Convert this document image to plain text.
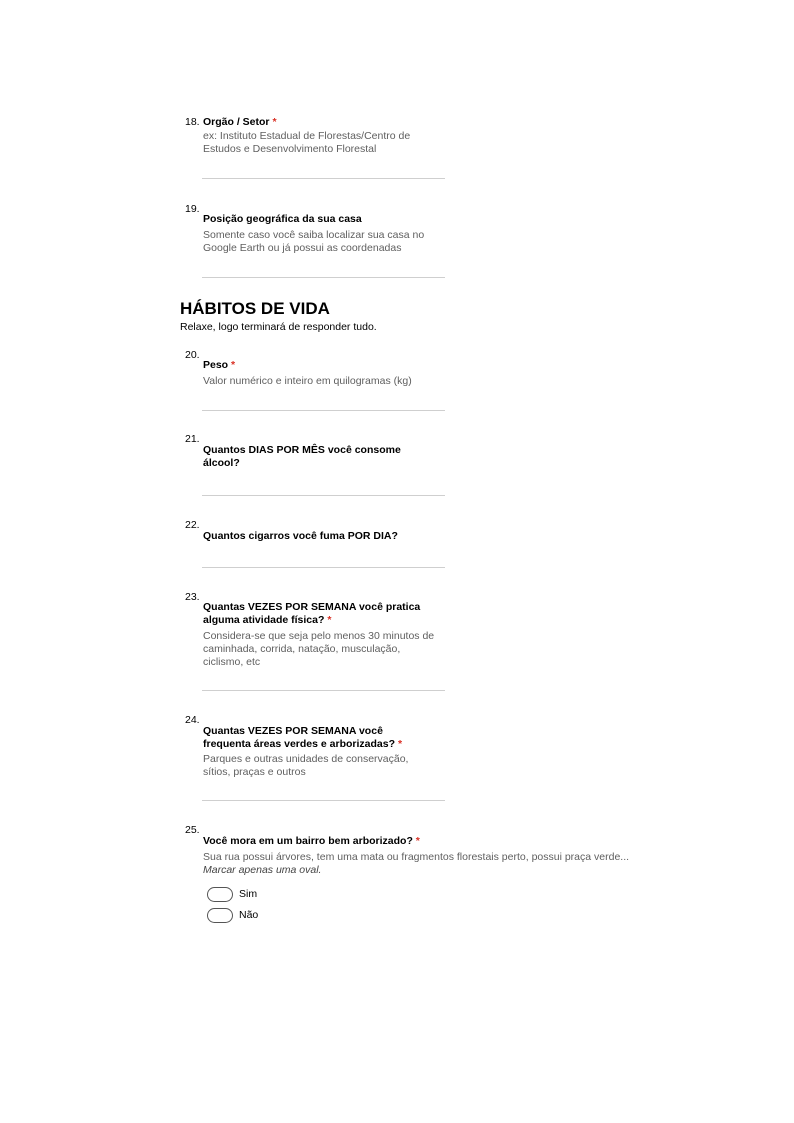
18. Orgão / Setor *
ex: Instituto Estadual de Florestas/Centro de Estudos e Desenvolvimento Florestal
19.
Posição geográfica da sua casa
Somente caso você saiba localizar sua casa no Google Earth ou já possui as coordenadas
HÁBITOS DE VIDA
Relaxe, logo terminará de responder tudo.
20.
Peso *
Valor numérico e inteiro em quilogramas (kg)
21.
Quantos DIAS POR MÊS você consome álcool?
22.
Quantos cigarros você fuma POR DIA?
23.
Quantas VEZES POR SEMANA você pratica alguma atividade física? *
Considera-se que seja pelo menos 30 minutos de caminhada, corrida, natação, musculação, ciclismo, etc
24.
Quantas VEZES POR SEMANA você frequenta áreas verdes e arborizadas? *
Parques e outras unidades de conservação, sítios, praças e outros
25.
Você mora em um bairro bem arborizado? *
Sua rua possui árvores, tem uma mata ou fragmentos florestais perto, possui praça verde...
Marcar apenas uma oval.
Sim
Não
